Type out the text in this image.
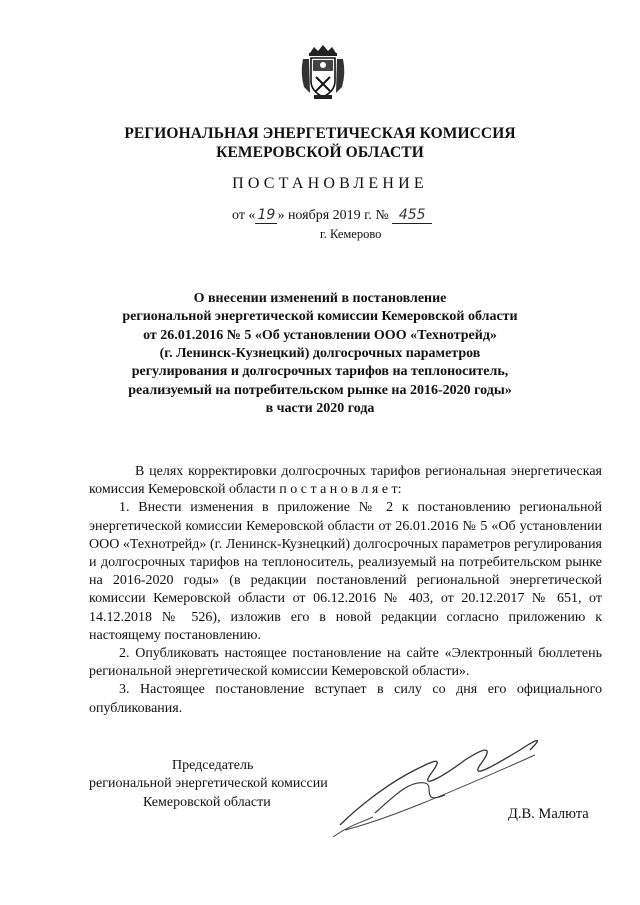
РЕГИОНАЛЬНАЯ ЭНЕРГЕТИЧЕСКАЯ КОМИССИЯ
КЕМЕРОВСКОЙ ОБЛАСТИ
ПОСТАНОВЛЕНИЕ
от « 19 » ноября 2019 г. № 455
г. Кемерово
О внесении изменений в постановление
региональной энергетической комиссии Кемеровской области
от 26.01.2016 № 5 «Об установлении ООО «Технотрейд»
(г. Ленинск-Кузнецкий) долгосрочных параметров
регулирования и долгосрочных тарифов на теплоноситель,
реализуемый на потребительском рынке на 2016-2020 годы»
в части 2020 года

В целях корректировки долгосрочных тарифов региональная энергетическая комиссия Кемеровской области п о с т а н о в л я е т:

1. Внести изменения в приложение № 2 к постановлению региональной энергетической комиссии Кемеровской области от 26.01.2016 № 5 «Об установлении ООО «Технотрейд» (г. Ленинск-Кузнецкий) долгосрочных параметров регулирования и долгосрочных тарифов на теплоноситель, реализуемый на потребительском рынке на 2016-2020 годы» (в редакции постановлений региональной энергетической комиссии Кемеровской области от 06.12.2016 № 403, от 20.12.2017 № 651, от 14.12.2018 № 526), изложив его в новой редакции согласно приложению к настоящему постановлению.

2. Опубликовать настоящее постановление на сайте «Электронный бюллетень региональной энергетической комиссии Кемеровской области».

3. Настоящее постановление вступает в силу со дня его официального опубликования.

Председатель
региональной энергетической комиссии
Кемеровской области
Д.В. Малюта
